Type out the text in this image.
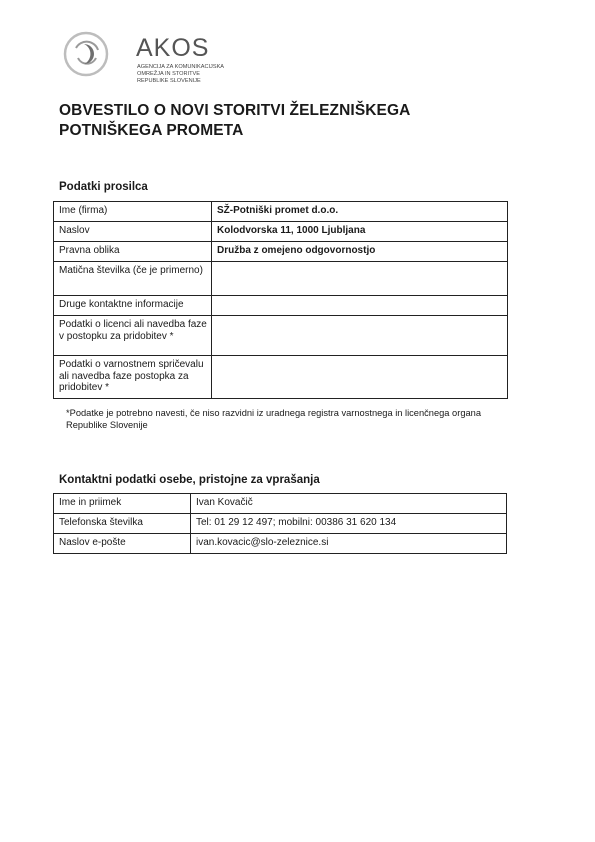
AKOS
AGENCIJA ZA KOMUNIKACIJSKA
OMREŽJA IN STORITVE
REPUBLIKE SLOVENIJE
OBVESTILO O NOVI STORITVI ŽELEZNIŠKEGA POTNIŠKEGA PROMETA
Podatki prosilca
Ime (firma)	SŽ-Potniški promet d.o.o.
Naslov	Kolodvorska 11, 1000 Ljubljana
Pravna oblika	Družba z omejeno odgovornostjo
Matična številka (če je primerno)	
Druge kontaktne informacije	
Podatki o licenci ali navedba faze v postopku za pridobitev *	
Podatki o varnostnem spričevalu ali navedba faze postopka za pridobitev *	

*Podatke je potrebno navesti, če niso razvidni iz uradnega registra varnostnega in licenčnega organa Republike Slovenije

Kontaktni podatki osebe, pristojne za vprašanja
Ime in priimek	Ivan Kovačič
Telefonska številka	Tel: 01 29 12 497; mobilni: 00386 31 620 134
Naslov e-pošte	ivan.kovacic@slo-zeleznice.si
